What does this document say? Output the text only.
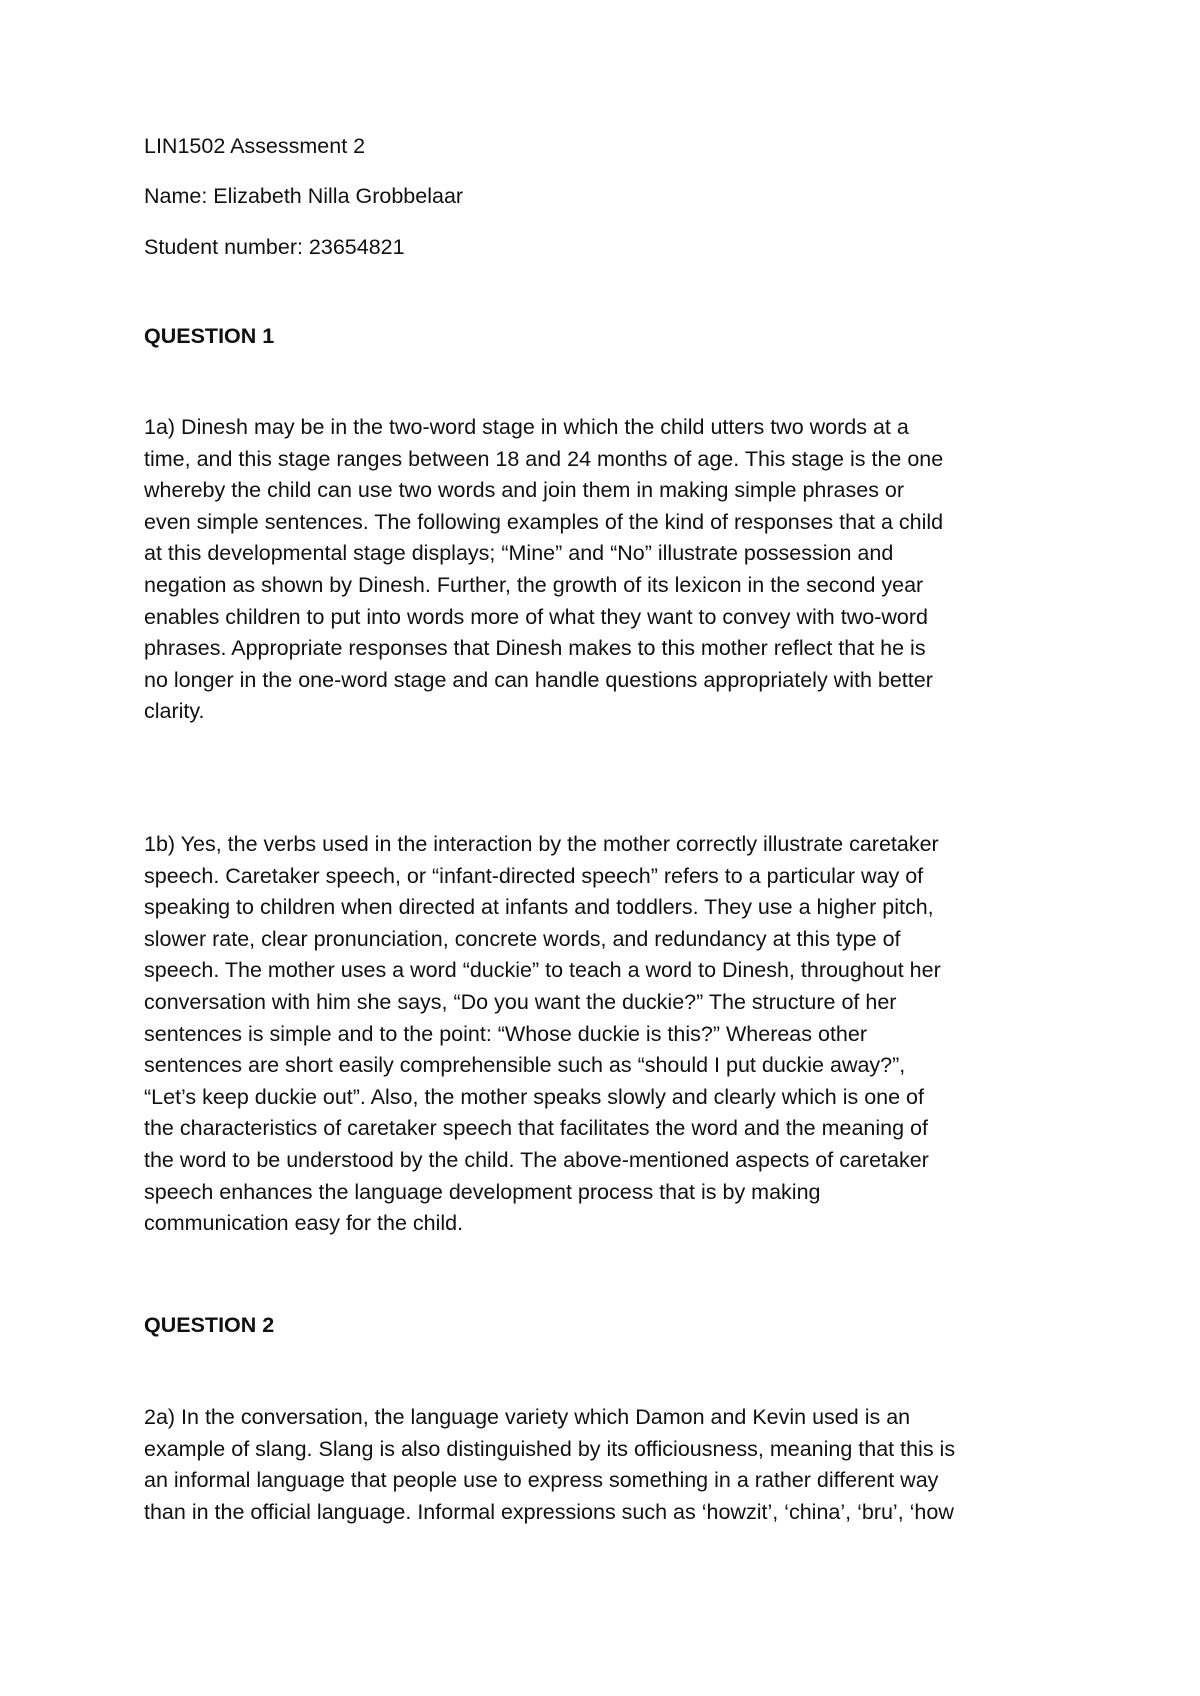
LIN1502 Assessment 2

Name: Elizabeth Nilla Grobbelaar

Student number: 23654821

QUESTION 1

1a) Dinesh may be in the two-word stage in which the child utters two words at a
time, and this stage ranges between 18 and 24 months of age. This stage is the one
whereby the child can use two words and join them in making simple phrases or
even simple sentences. The following examples of the kind of responses that a child
at this developmental stage displays; “Mine” and “No” illustrate possession and
negation as shown by Dinesh. Further, the growth of its lexicon in the second year
enables children to put into words more of what they want to convey with two-word
phrases. Appropriate responses that Dinesh makes to this mother reflect that he is
no longer in the one-word stage and can handle questions appropriately with better
clarity.
1b) Yes, the verbs used in the interaction by the mother correctly illustrate caretaker
speech. Caretaker speech, or “infant-directed speech” refers to a particular way of
speaking to children when directed at infants and toddlers. They use a higher pitch,
slower rate, clear pronunciation, concrete words, and redundancy at this type of
speech. The mother uses a word “duckie” to teach a word to Dinesh, throughout her
conversation with him she says, “Do you want the duckie?” The structure of her
sentences is simple and to the point: “Whose duckie is this?” Whereas other
sentences are short easily comprehensible such as “should I put duckie away?”,
“Let’s keep duckie out”. Also, the mother speaks slowly and clearly which is one of
the characteristics of caretaker speech that facilitates the word and the meaning of
the word to be understood by the child. The above-mentioned aspects of caretaker
speech enhances the language development process that is by making
communication easy for the child.

QUESTION 2

2a) In the conversation, the language variety which Damon and Kevin used is an
example of slang. Slang is also distinguished by its officiousness, meaning that this is
an informal language that people use to express something in a rather different way
than in the official language. Informal expressions such as ‘howzit’, ‘china’, ‘bru’, ‘how
